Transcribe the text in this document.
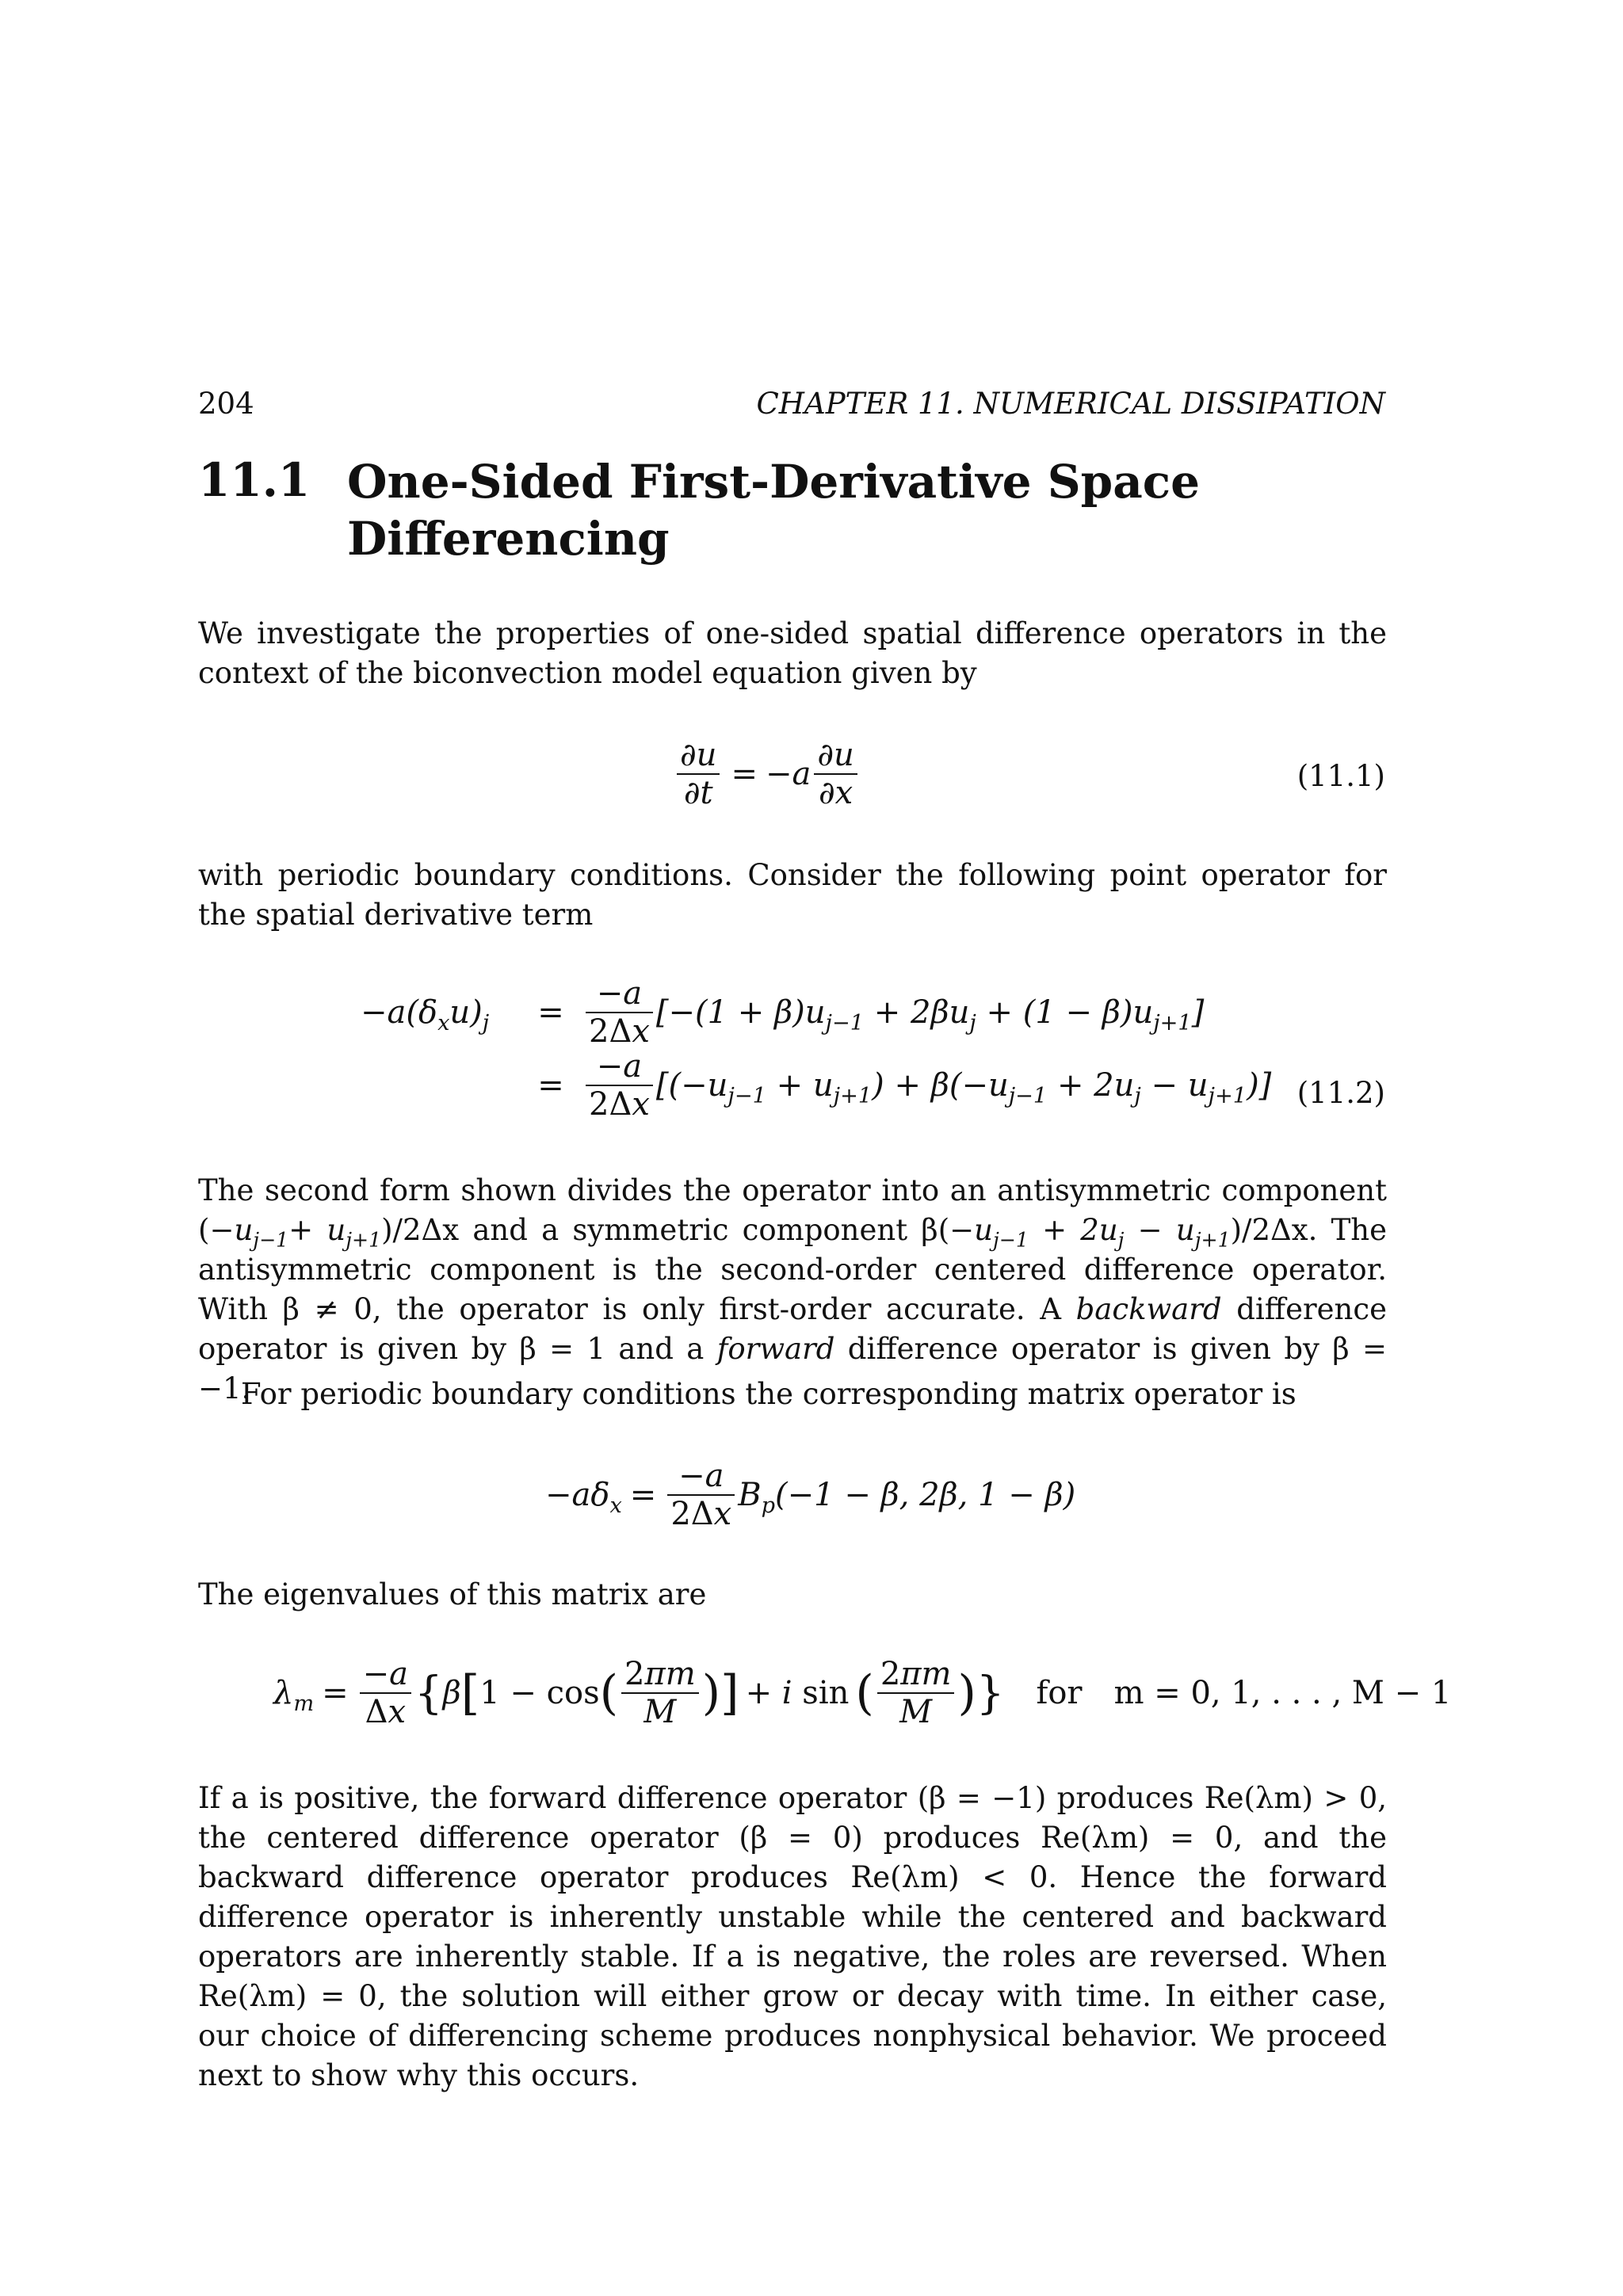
204	CHAPTER 11. NUMERICAL DISSIPATION
11.1 One-Sided First-Derivative Space Differencing
We investigate the properties of one-sided spatial difference operators in the context of the biconvection model equation given by
$\frac{\partial u}{\partial t} = -a \frac{\partial u}{\partial x}$	(11.1)
with periodic boundary conditions. Consider the following point operator for the spatial derivative term
$-a(\delta_xu)_j$	= $\frac{-a}{2\Delta x} [-(1 + \beta)u_{j-1} + 2\beta u_j + (1 - \beta)u_{j+1}]$
= $\frac{-a}{2\Delta x} [(-u_{j-1} + u_{j+1}) + \beta(-u_{j-1} + 2u_j - u_{j+1})]$ (11.2)
The second form shown divides the operator into an antisymmetric component $(-u_{j-1}+ u_{j+1})/2\Delta x$ and a symmetric component $\beta(-u_{j-1} + 2u_j - u_{j+1})/2\Delta x$. The antisymmetric component is the second-order centered difference operator. With β ≠ 0, the operator is only first-order accurate. A backward difference operator is given by β = 1 and a forward difference operator is given by β = −1.
For periodic boundary conditions the corresponding matrix operator is
$-a\delta_x = \frac{-a}{2\Delta x} B_p(-1 - \beta$, 2β, 1 − β)
The eigenvalues of this matrix are
$\lambda_m = \frac{-a}{\Delta x}$ { β [ 1 − cos ( $\frac{2\pi m}{M}$ ) ] + i sin ( $\frac{2\pi m}{M}$ ) } for m = 0, 1, . . . , M − 1
If a is positive, the forward difference operator (β = −1) produces Re(λm) > 0, the centered difference operator (β = 0) produces Re(λm) = 0, and the backward difference operator produces Re(λm) < 0. Hence the forward difference operator is inherently unstable while the centered and backward operators are inherently stable. If a is negative, the roles are reversed. When Re(λm) = 0, the solution will either grow or decay with time. In either case, our choice of differencing scheme produces nonphysical behavior. We proceed next to show why this occurs.
